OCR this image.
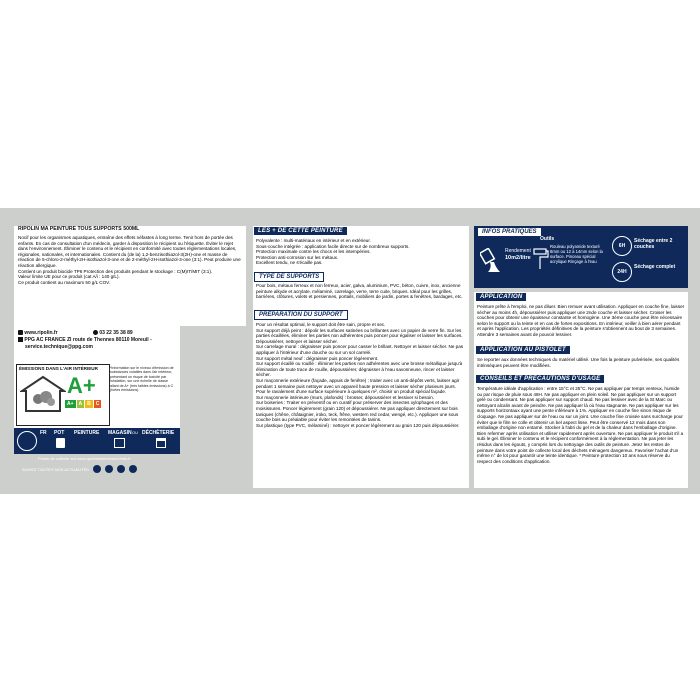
RIPOLIN MA PEINTURE TOUS SUPPORTS 500ML

Nocif pour les organismes aquatiques, entraîne des effets néfastes à long terme. Tenir hors de portée des enfants. En cas de consultation d'un médecin, garder à disposition le récipient ou l'étiquette. Éviter le rejet dans l'environnement. Éliminer le contenu et le récipient en conformité avec toutes réglementations locales, régionales, nationales, et internationales. Contient du (de la) 1,2-benzisothiazol-3(2H)-one et masse de réaction de 5-chloro-2-méthyl-2H-isothiazol-3-one et de 2-méthyl-2H-isothiazol-3-one (3:1). Peut produire une réaction allergique.

Contient un produit biocide TP6 Protection des produits pendant le stockage : C(M)IT/MIT (3:1).

Valeur limite UE pour ce produit (cat A/i : 140 g/L).

Ce produit contient au maximum 50 g/L COV.

www.ripolin.fr	03 22 35 38 89
PPG AC FRANCE ZI route de Thennes 80110 Moreuil -
service.technique@ppg.com
ÉMISSIONS DANS L'AIR INTÉRIEUR
A+
A+	A	B	C
*Information sur le niveau d'émission de substances volatiles dans l'air intérieur, présentant un risque de toxicité par inhalation, sur une échelle de classe allant de A+ (très faibles émissions) à C (fortes émissions).
FR POT PEINTURE MAGASIN OU DÉCHÈTERIE
Points de collecte sur www.quefairedemesdechets.fr
SUIVEZ TOUTES NOS ACTUALITÉS
LES + DE CETTE PEINTURE

Polyvalente : multi-matériaux en intérieur et en extérieur.

Sous-couche intégrée : application facile directe sur de nombreux supports.

Protection maximale contre les chocs et les intempéries.

Protection anti-corrosion sur les métaux.

Excellent tendu, ne s'écaille pas.

TYPE DE SUPPORTS
Pour bois, métaux ferreux et non ferreux, acier, galva, aluminium, PVC, béton, cuivre, inox, ancienne peinture alkyde et acrylate, mélaminé, carrelage, verre, terre cuite, briques. Idéal pour les grilles, barrières, clôtures, volets et persiennes, portails, mobiliers de jardin, portes & fenêtres, bardages, etc.
PRÉPARATION DU SUPPORT

Pour un résultat optimal, le support doit être sain, propre et sec.

Sur support déjà peint : dépolir les surfaces satinées ou brillantes avec un papier de verre fin. Sur les parties écaillées, éliminer les parties non adhérentes puis poncer pour égaliser et laisser les surfaces. Dépoussiérer, nettoyer et laisser sécher.

Sur carrelage mural : dégraisser puis poncer pour casser le brillant. Nettoyer et laisser sécher. Ne pas appliquer à l'intérieur d'une douche ou sur un sol carrelé.

Sur support métal neuf : dégraisser puis poncer légèrement.

Sur support écaillé ou rouillé : éliminer les parties non adhérentes avec une brosse métallique jusqu'à élimination de toute trace de rouille, dépoussiérer, dégraisser à l'eau savonneuse, rincer et laisser sécher.

Sur maçonnerie extérieure (façade, appuis de fenêtre) : traiter avec un anti-dépôts verts, laisser agir pendant 1 semaine puis nettoyer avec un appareil haute pression et laisser sécher plusieurs jours. Pour le ravalement d'une surface supérieure à quelques m², choisir un produit spécial façade.

Sur maçonnerie intérieure (murs, plafonds) : brosser, dépoussiérer et lessiver si besoin.

Sur boiseries : Traiter en préventif ou en curatif pour préserver des insectes xylophages et des moisissures. Poncer légèrement (grain 120) et dépoussiérer. Ne pas appliquer directement sur bois taniques (chêne, châtaignier, iroko, teck, frêne, western red cedar, wengé, etc.). Appliquer une sous couche bois au préalable pour éviter les remontées de tanins.

Sur plastique (type PVC, mélaminé) : nettoyer et poncer légèrement au grain 120 puis dépoussiérer.

INFOS PRATIQUES
Rendement
10m2/litre
Outils
Rouleau polyamide texturé 8mm ou 12 à 14mm selon la surface. Pinceau spécial acrylique Rinçage à l'eau
6H
Séchage entre 2 couches
24H
Séchage complet
APPLICATION
Peinture prête à l'emploi, ne pas diluer. Bien remuer avant utilisation. Appliquer en couche fine, laisser sécher au moins 4h, dépoussiérer puis appliquer une 2nde couche et laisser sécher. Croiser les couches pour obtenir une épaisseur constante et homogène. Une 3ème couche peut être nécessaire selon le support ou la teinte et en cas de fortes expositions. En intérieur, veiller à bien aérer pendant et après l'application. Les propriétés définitives de la peinture s'obtiennent au bout de 3 semaines. Attendre 3 semaines avant de pouvoir lessiver.
APPLICATION AU PISTOLET
Se reporter aux données techniques du matériel utilisé. Une fois la peinture pulvérisée, ses qualités intrinsèques peuvent être modifiées.
CONSEILS ET PRÉCAUTIONS D'USAGE
Température idéale d'application : entre 15°C et 25°C. Ne pas appliquer par temps venteux, humide ou par risque de pluie sous 48H. Ne pas appliquer en plein soleil. Ne pas appliquer sur un support gelé ou condensant. Ne pas appliquer sur support chaud. Ne pas lessiver avec de la St Marc ou nettoyant alcalin avant de peindre. Ne pas appliquer là où l'eau stagnante. Ne pas appliquer sur les supports horizontaux ayant une pente inférieure à 1%. Appliquer en couche fine sinon risque de cloquage. Ne pas appliquer sur de l'eau ou sur un joint. Une couche fine croisée sans surcharge pour éviter que le film ne colle et obtenir un bel aspect lisse. Peut être conservé 12 mois dans son emballage d'origine non entamé. Stocker à l'abri du gel et de la chaleur dans l'emballage d'origine. Bien refermer après utilisation et utiliser rapidement après ouverture. Ne pas appliquer le produit s'il a subi le gel. Éliminer le contenu et le récipient conformément à la réglementation. Ne pas jeter les résidus dans les égouts, y compris lors du nettoyage des outils de peinture. Jetez les restes de peinture dans votre point de collecte local des déchets ménagers dangereux. Favoriser l'achat d'un même n° de lot pour garantir une teinte identique. * Peinture protection 10 ans sous réserve du respect des conditions d'application.
